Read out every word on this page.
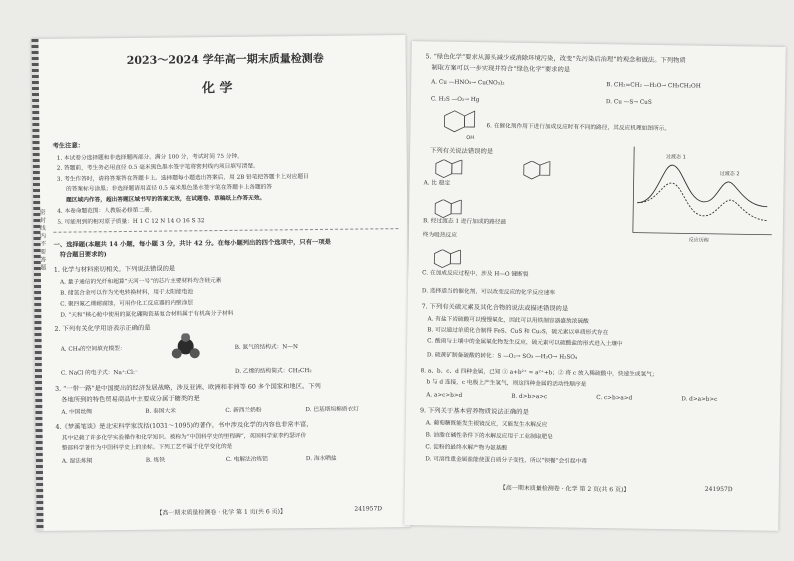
密 封 线 内 不 要 答 题
2023～2024 学年高一期末质量检测卷
化 学
考生注意：
1. 本试卷分选择题和非选择题两部分。满分 100 分，考试时间 75 分钟。
2. 答题前，考生务必用直径 0.5 毫米黑色墨水签字笔将密封线内项目填写清楚。
3. 考生作答时，请将答案答在答题卡上。选择题每小题选出答案后，用 2B 铅笔把答题卡上对应题目
的答案标号涂黑；非选择题请用直径 0.5 毫米黑色墨水签字笔在答题卡上各题的答
题区域内作答，超出答题区域书写的答案无效，在试题卷、草稿纸上作答无效。
4. 本卷命题范围：人教版必修第二册。
5. 可能用到的相对原子质量：H 1 C 12 N 14 O 16 S 32
一、选择题(本题共 14 小题，每小题 3 分，共计 42 分。在每小题列出的四个选项中，只有一项是
符合题目要求的)
1. 化学与材料密切相关。下列说法错误的是
A. 量子通信的光纤和超算“天河一号”的芯片主要材料均含硅元素
B. 储氢合金可以作为光电转换材料，用于太阳能电池
C. 聚四氟乙烯耐腐蚀，可用作化工反应器的内壁涂层
D. “天和”核心舱中使用的氮化硼陶瓷基复合材料属于有机高分子材料
2. 下列有关化学用语表示正确的是
A. CH₄的空间填充模型：	B. 氮气的结构式：N—N
C. NaCl 的电子式：Na⁺:Cl:⁻	D. 乙烯的结构简式：CH₂CH₂
3. “一带一路”是中国提出的经济发展战略，涉及亚洲、欧洲和非洲等 60 多个国家和地区。下列
各地所到的特色贸易商品中主要成分属于糖类的是
A. 中国丝绸	B. 泰国大米	C. 新西兰奶粉	D. 巴基斯坦棉质衣灯
4.《梦溪笔谈》是北宋科学家沈括(1031～1095)的著作，书中涉及化学的内容也非常丰富，
其中记载了许多化学实验操作和化学知识。被称为“中国科学史的里程碑”，英国科学家李约瑟评价
整部科学著作为中国科学史上的坐标。下列工艺不属于化学变化的是
A. 湿法炼铜	B. 炼铁	C. 电解法冶炼铝	D. 海水晒盐
【高一期末质量检测卷 · 化学 第 1 页(共 6 页)】	241957D
5. “绿色化学”要求从源头减少或消除环境污染，改变“先污染后治理”的观念和做法。下列物质
制取方案可以一步实现并符合“绿色化学”要求的是
A. Cu —HNO₃→ Cu(NO₃)₂	B. CH₂=CH₂ —H₂O→ CH₃CH₂OH
C. H₂S —O₂→ Hg	D. Cu —S→ CuS
OH
6. 在催化剂作用下进行加成反应时有不同的路径，其反应机理如图所示。
下列有关说法错误的是
A. 比 稳定
B. 经过渡态 1 进行加成的路径最
终为吸热反应
C. 在加成反应过程中，涉及 H—O 键断裂
D. 选择适当的催化剂，可以改变反应的化学反应速率
过渡态 1
过渡态 2
反应历程
7. 下列有关硫元素及其化合物的说法或描述错误的是
A. 有盐下岩硫酸可以慢慢氧化，因此可以用铁制容器盛放浓硫酸
B. 可以通过单质化合制得 FeS、CuS 和 Cu₂S，硫元素以单质形式存在
C. 酸雨与土壤中的金属氧化物发生反应，硫元素可以硫酸盐的形式进入土壤中
D. 硫黄矿制备硫酸的转化：S —O₂→ SO₃ —H₂O→ H₂SO₄
8. a、b、c、d 四种金属，已知 ① a+b²⁺ = a²⁺+b；② 将 c 放入稀硫酸中，快速生成氢气；
b 与 d 连接，c 电极上产生氢气，则这四种金属的活动性顺序是
A. a>c>b>d	B. d>b>a>c	C. c>b>a>d	D. d>a>b>c
9. 下列关于基本营养物质说法正确的是
A. 葡萄糖既能发生银镜反应，又能发生水解反应
B. 油脂在碱性条件下的水解反应用于工业制取肥皂
C. 淀粉的最终水解产物为氨基酸
D. 可溶性重金属盐能使蛋白质分子变性，所以“钡餐”会引起中毒
【高一期末质量检测卷 · 化学 第 2 页(共 6 页)】	241957D
